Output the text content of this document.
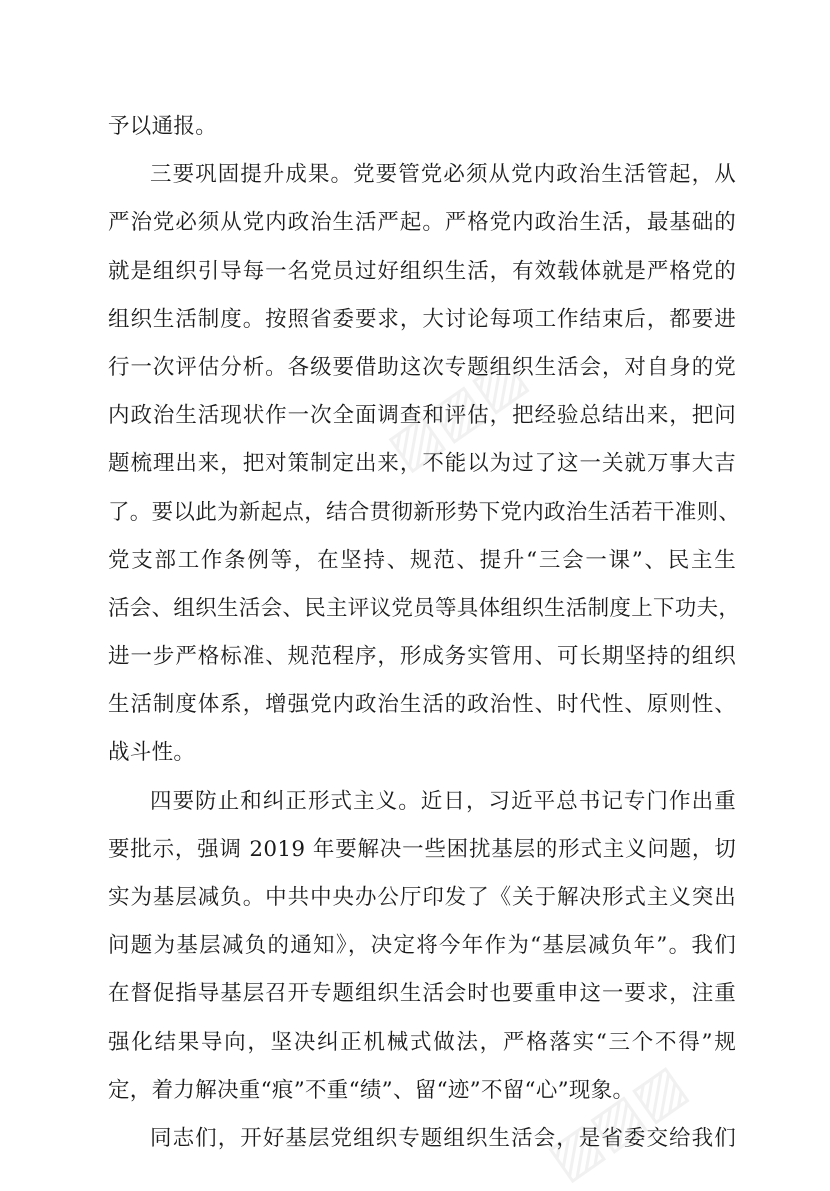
▨▨▨
▨▨▨
予以通报。
三要巩固提升成果。党要管党必须从党内政治生活管起，从
严治党必须从党内政治生活严起。严格党内政治生活，最基础的
就是组织引导每一名党员过好组织生活，有效载体就是严格党的
组织生活制度。按照省委要求，大讨论每项工作结束后，都要进
行一次评估分析。各级要借助这次专题组织生活会，对自身的党
内政治生活现状作一次全面调查和评估，把经验总结出来，把问
题梳理出来，把对策制定出来，不能以为过了这一关就万事大吉
了。要以此为新起点，结合贯彻新形势下党内政治生活若干准则、
党支部工作条例等，在坚持、规范、提升“三会一课”、民主生
活会、组织生活会、民主评议党员等具体组织生活制度上下功夫，
进一步严格标准、规范程序，形成务实管用、可长期坚持的组织
生活制度体系，增强党内政治生活的政治性、时代性、原则性、
战斗性。
四要防止和纠正形式主义。近日，习近平总书记专门作出重
要批示，强调 2019 年要解决一些困扰基层的形式主义问题，切
实为基层减负。中共中央办公厅印发了《关于解决形式主义突出
问题为基层减负的通知》，决定将今年作为“基层减负年”。我们
在督促指导基层召开专题组织生活会时也要重申这一要求，注重
强化结果导向，坚决纠正机械式做法，严格落实“三个不得”规
定，着力解决重“痕”不重“绩”、留“迹”不留“心”现象。
同志们，开好基层党组织专题组织生活会，是省委交给我们
